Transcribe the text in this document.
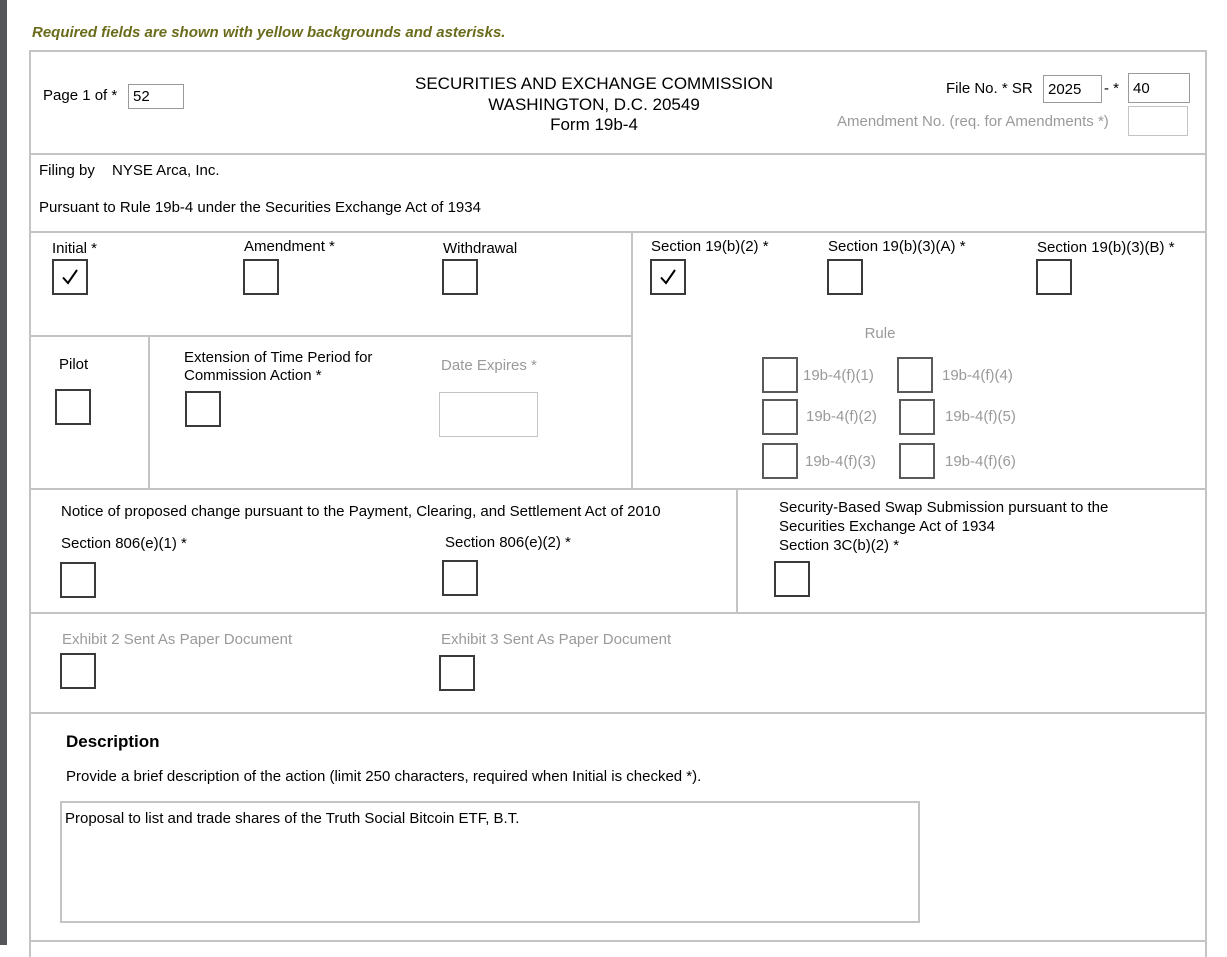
Required fields are shown with yellow backgrounds and asterisks.
Page 1 of *
52
SECURITIES AND EXCHANGE COMMISSION
WASHINGTON, D.C. 20549
Form 19b-4
File No. * SR
2025	- *
40
Amendment No. (req. for Amendments *)
Filing by NYSE Arca, Inc.
Pursuant to Rule 19b-4 under the Securities Exchange Act of 1934
Initial *	Amendment *	Withdrawal	Section 19(b)(2) *	Section 19(b)(3)(A) *	Section 19(b)(3)(B) *
Pilot	Extension of Time Period for
Commission Action *
Date Expires *
Rule
19b-4(f)(1)	19b-4(f)(4)
19b-4(f)(2)	19b-4(f)(5)
19b-4(f)(3)	19b-4(f)(6)
Notice of proposed change pursuant to the Payment, Clearing, and Settlement Act of 2010
Section 806(e)(1) *	Section 806(e)(2) *
Security-Based Swap Submission pursuant to the
Securities Exchange Act of 1934
Section 3C(b)(2) *
Exhibit 2 Sent As Paper Document	Exhibit 3 Sent As Paper Document
Description
Provide a brief description of the action (limit 250 characters, required when Initial is checked *).
Proposal to list and trade shares of the Truth Social Bitcoin ETF, B.T.
